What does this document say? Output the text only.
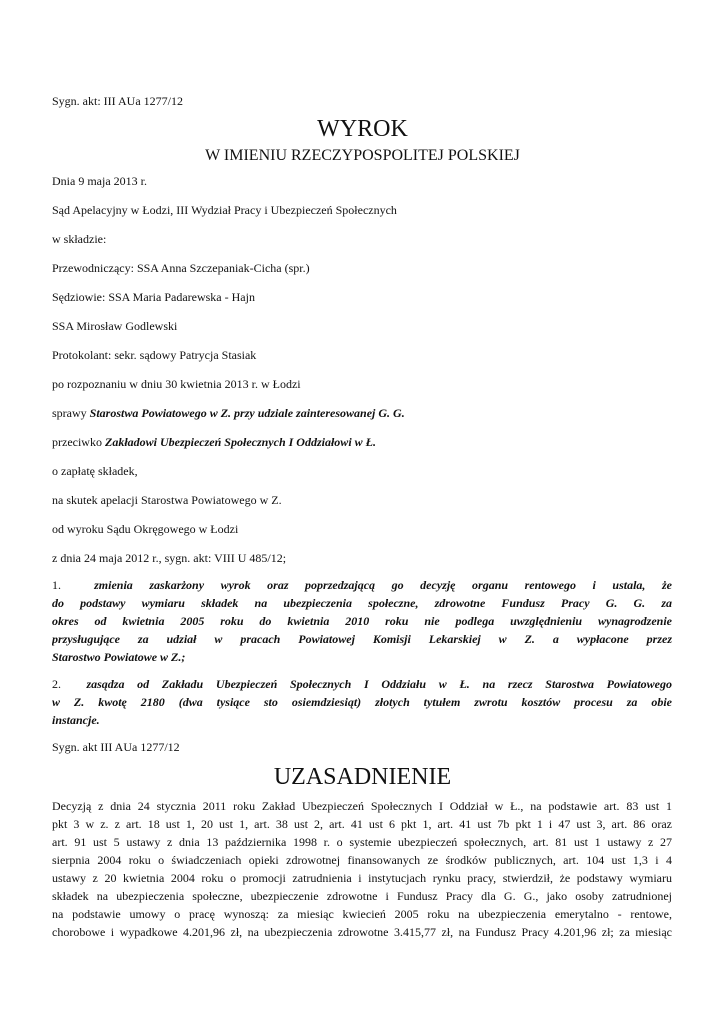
Sygn. akt: III AUa 1277/12
WYROK
W IMIENIU RZECZYPOSPOLITEJ POLSKIEJ
Dnia 9 maja 2013 r.
Sąd Apelacyjny w Łodzi, III Wydział Pracy i Ubezpieczeń Społecznych
w składzie:
Przewodniczący: SSA Anna Szczepaniak-Cicha (spr.)
Sędziowie: SSA Maria Padarewska - Hajn
SSA Mirosław Godlewski
Protokolant: sekr. sądowy Patrycja Stasiak
po rozpoznaniu w dniu 30 kwietnia 2013 r. w Łodzi
sprawy Starostwa Powiatowego w Z. przy udziale zainteresowanej G. G.
przeciwko Zakładowi Ubezpieczeń Społecznych I Oddziałowi w Ł.
o zapłatę składek,
na skutek apelacji Starostwa Powiatowego w Z.
od wyroku Sądu Okręgowego w Łodzi
z dnia 24 maja 2012 r., sygn. akt: VIII U 485/12;
1.	zmienia zaskarżony wyrok oraz poprzedzającą go decyzję organu rentowego i ustala, że
do podstawy wymiaru składek na ubezpieczenia społeczne, zdrowotne Fundusz Pracy G. G. za
okres od kwietnia 2005 roku do kwietnia 2010 roku nie podlega uwzględnieniu wynagrodzenie
przysługujące za udział w pracach Powiatowej Komisji Lekarskiej w Z. a wypłacone przez
Starostwo Powiatowe w Z.;
2. zasądza od Zakładu Ubezpieczeń Społecznych I Oddziału w Ł. na rzecz Starostwa Powiatowego
w Z. kwotę 2180 (dwa tysiące sto osiemdziesiąt) złotych tytułem zwrotu kosztów procesu za obie
instancje.
Sygn. akt III AUa 1277/12
UZASADNIENIE
Decyzją z dnia 24 stycznia 2011 roku Zakład Ubezpieczeń Społecznych I Oddział w Ł., na podstawie art. 83 ust 1
pkt 3 w z. z art. 18 ust 1, 20 ust 1, art. 38 ust 2, art. 41 ust 6 pkt 1, art. 41 ust 7b pkt 1 i 47 ust 3, art. 86 oraz
art. 91 ust 5 ustawy z dnia 13 października 1998 r. o systemie ubezpieczeń społecznych, art. 81 ust 1 ustawy z 27
sierpnia 2004 roku o świadczeniach opieki zdrowotnej finansowanych ze środków publicznych, art. 104 ust 1,3 i 4
ustawy z 20 kwietnia 2004 roku o promocji zatrudnienia i instytucjach rynku pracy, stwierdził, że podstawy wymiaru
składek na ubezpieczenia społeczne, ubezpieczenie zdrowotne i Fundusz Pracy dla G. G., jako osoby zatrudnionej
na podstawie umowy o pracę wynoszą: za miesiąc kwiecień 2005 roku na ubezpieczenia emerytalno - rentowe,
chorobowe i wypadkowe 4.201,96 zł, na ubezpieczenia zdrowotne 3.415,77 zł, na Fundusz Pracy 4.201,96 zł; za miesiąc
